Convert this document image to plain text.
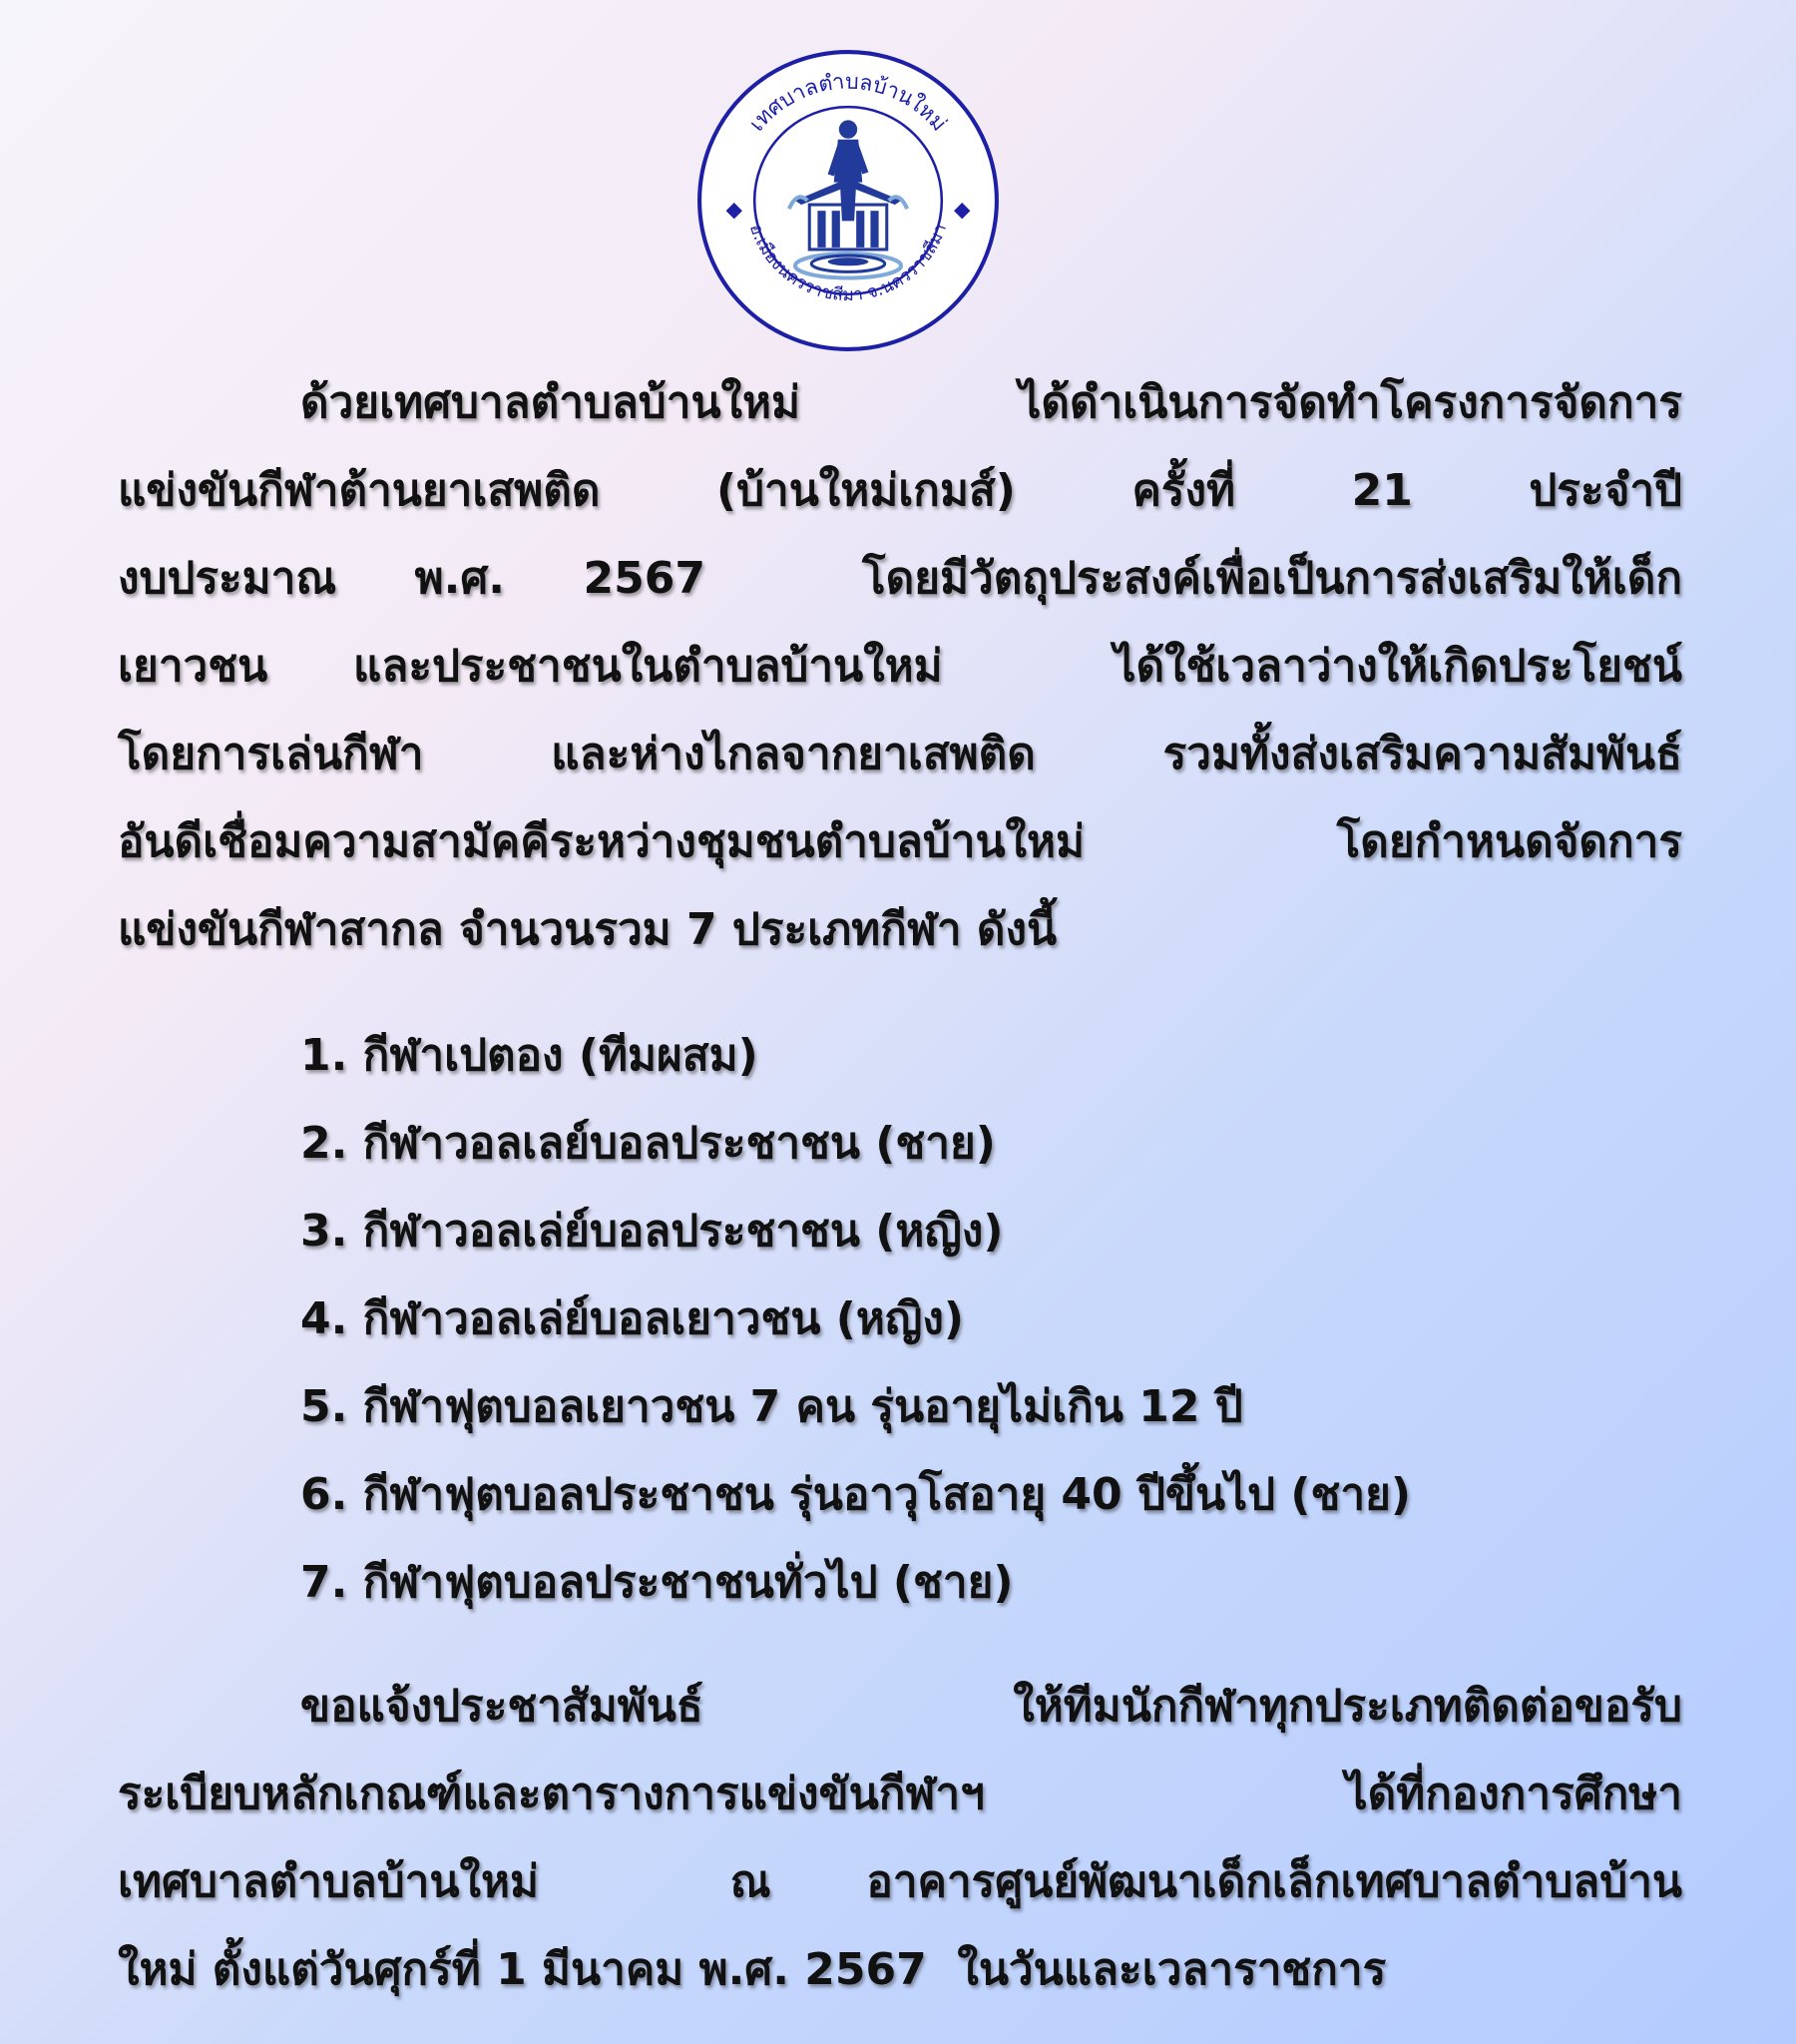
เทศบาลตำบลบ้านใหม่
อ.เมืองนครราชสีมา จ.นครราชสีมา

ด้วยเทศบาลตำบลบ้านใหม่  ได้ดำเนินการจัดทำโครงการจัดการ

แข่งขันกีฬาต้านยาเสพติด (บ้านใหม่เกมส์) ครั้งที่ 21 ประจำปี

งบประมาณ พ.ศ. 2567  โดยมีวัตถุประสงค์เพื่อเป็นการส่งเสริมให้เด็ก

เยาวชน และประชาชนในตำบลบ้านใหม่  ได้ใช้เวลาว่างให้เกิดประโยชน์

โดยการเล่นกีฬา และห่างไกลจากยาเสพติด รวมทั้งส่งเสริมความสัมพันธ์

อันดีเชื่อมความสามัคคีระหว่างชุมชนตำบลบ้านใหม่  โดยกำหนดจัดการ

แข่งขันกีฬาสากล จำนวนรวม 7 ประเภทกีฬา ดังนี้

1. กีฬาเปตอง (ทีมผสม)
2. กีฬาวอลเลย์บอลประชาชน (ชาย)
3. กีฬาวอลเล่ย์บอลประชาชน (หญิง)
4. กีฬาวอลเล่ย์บอลเยาวชน (หญิง)
5. กีฬาฟุตบอลเยาวชน 7 คน รุ่นอายุไม่เกิน 12 ปี
6. กีฬาฟุตบอลประชาชน รุ่นอาวุโสอายุ 40 ปีขึ้นไป (ชาย)
7. กีฬาฟุตบอลประชาชนทั่วไป (ชาย)

ขอแจ้งประชาสัมพันธ์ ให้ทีมนักกีฬาทุกประเภทติดต่อขอรับ

ระเบียบหลักเกณฑ์และตารางการแข่งขันกีฬาฯ  ได้ที่กองการศึกษา

เทศบาลตำบลบ้านใหม่  ณ อาคารศูนย์พัฒนาเด็กเล็กเทศบาลตำบลบ้าน

ใหม่ ตั้งแต่วันศุกร์ที่ 1 มีนาคม พ.ศ. 2567  ในวันและเวลาราชการ
